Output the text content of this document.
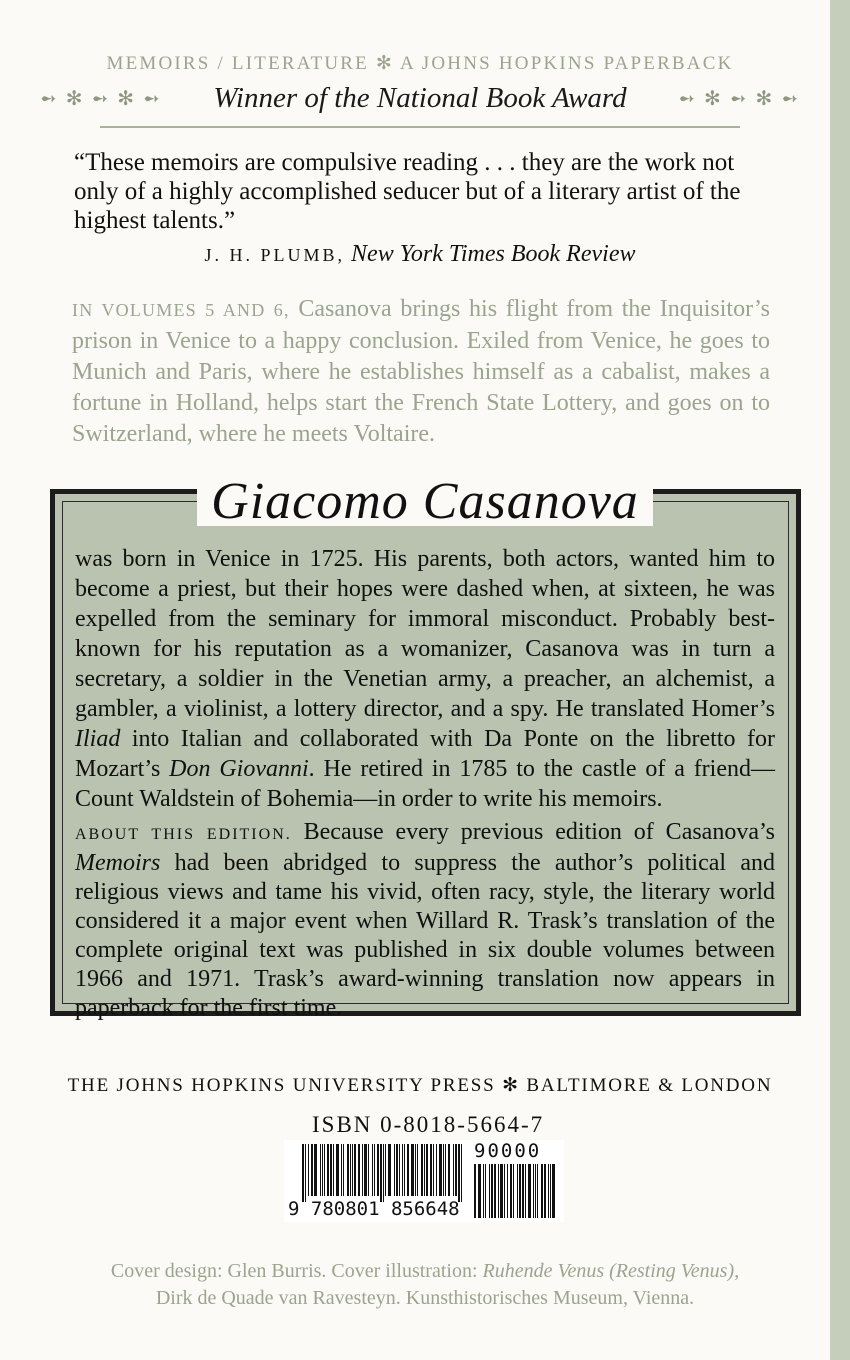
MEMOIRS / LITERATURE ✻ A JOHNS HOPKINS PAPERBACK
➻ ✻ ➻ ✻ ➻ Winner of the National Book Award	➻ ✻ ➻ ✻ ➻
“These memoirs are compulsive reading . . . they are the work not only of a highly accomplished seducer but of a literary artist of the highest talents.”
J. H. PLUMB, New York Times Book Review
IN VOLUMES 5 AND 6, Casanova brings his flight from the Inquisitor’s prison in Venice to a happy conclusion. Exiled from Venice, he goes to Munich and Paris, where he establishes himself as a cabalist, makes a fortune in Holland, helps start the French State Lottery, and goes on to Switzerland, where he meets Voltaire.
Giacomo Casanova
was born in Venice in 1725. His parents, both actors, wanted him to become a priest, but their hopes were dashed when, at sixteen, he was expelled from the seminary for immoral misconduct. Probably best-known for his reputation as a womanizer, Casanova was in turn a secretary, a soldier in the Venetian army, a preacher, an alchemist, a gambler, a violinist, a lottery director, and a spy. He translated Homer’s Iliad into Italian and collaborated with Da Ponte on the libretto for Mozart’s Don Giovanni. He retired in 1785 to the castle of a friend—Count Waldstein of Bohemia—in order to write his memoirs.
ABOUT THIS EDITION. Because every previous edition of Casanova’s Memoirs had been abridged to suppress the author’s political and religious views and tame his vivid, often racy, style, the literary world considered it a major event when Willard R. Trask’s translation of the complete original text was published in six double volumes between 1966 and 1971. Trask’s award-winning translation now appears in paperback for the first time.
THE JOHNS HOPKINS UNIVERSITY PRESS ✻ BALTIMORE & LONDON
ISBN 0-8018-5664-7
9 780801 856648
90000
Cover design: Glen Burris. Cover illustration: Ruhende Venus (Resting Venus),
Dirk de Quade van Ravesteyn. Kunsthistorisches Museum, Vienna.
